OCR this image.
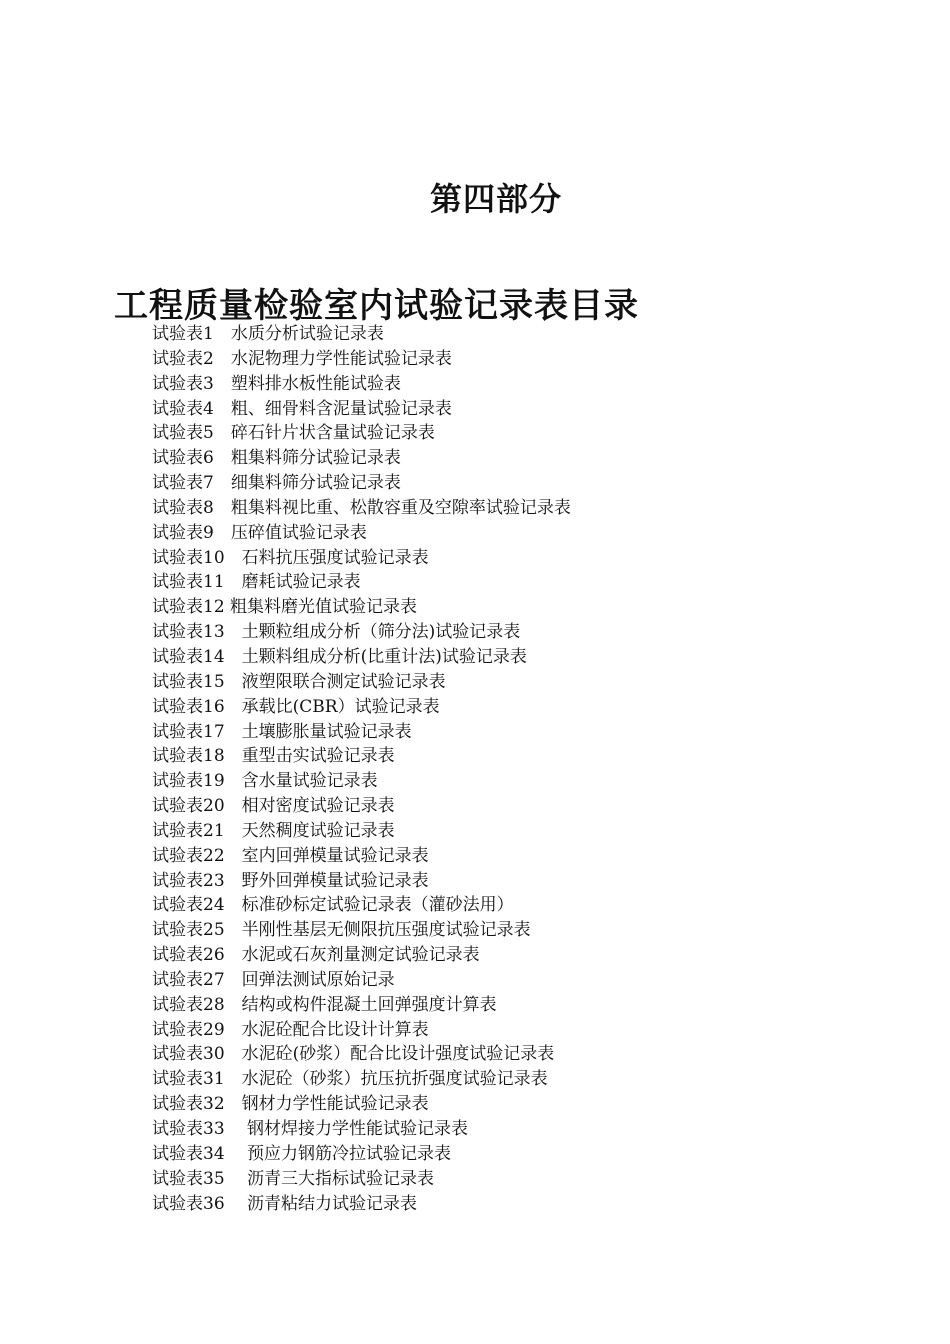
第四部分
工程质量检验室内试验记录表目录
试验表1　水质分析试验记录表
试验表2　水泥物理力学性能试验记录表
试验表3　塑料排水板性能试验表
试验表4　粗、细骨料含泥量试验记录表
试验表5　碎石针片状含量试验记录表
试验表6　粗集料筛分试验记录表
试验表7　细集料筛分试验记录表
试验表8　粗集料视比重、松散容重及空隙率试验记录表
试验表9　压碎值试验记录表
试验表10　石料抗压强度试验记录表
试验表11　磨耗试验记录表
试验表12 粗集料磨光值试验记录表
试验表13　土颗粒组成分析（筛分法)试验记录表
试验表14　土颗料组成分析(比重计法)试验记录表
试验表15　液塑限联合测定试验记录表
试验表16　承载比(CBR）试验记录表
试验表17　土壤膨胀量试验记录表
试验表18　重型击实试验记录表
试验表19　含水量试验记录表
试验表20　相对密度试验记录表
试验表21　天然稠度试验记录表
试验表22　室内回弹模量试验记录表
试验表23　野外回弹模量试验记录表
试验表24　标准砂标定试验记录表（灌砂法用）
试验表25　半刚性基层无侧限抗压强度试验记录表
试验表26　水泥或石灰剂量测定试验记录表
试验表27　回弹法测试原始记录
试验表28　结构或构件混凝土回弹强度计算表
试验表29　水泥砼配合比设计计算表
试验表30　水泥砼(砂浆）配合比设计强度试验记录表
试验表31　水泥砼（砂浆）抗压抗折强度试验记录表
试验表32　钢材力学性能试验记录表
试验表33　 钢材焊接力学性能试验记录表
试验表34　 预应力钢筋冷拉试验记录表
试验表35　 沥青三大指标试验记录表
试验表36　 沥青粘结力试验记录表
